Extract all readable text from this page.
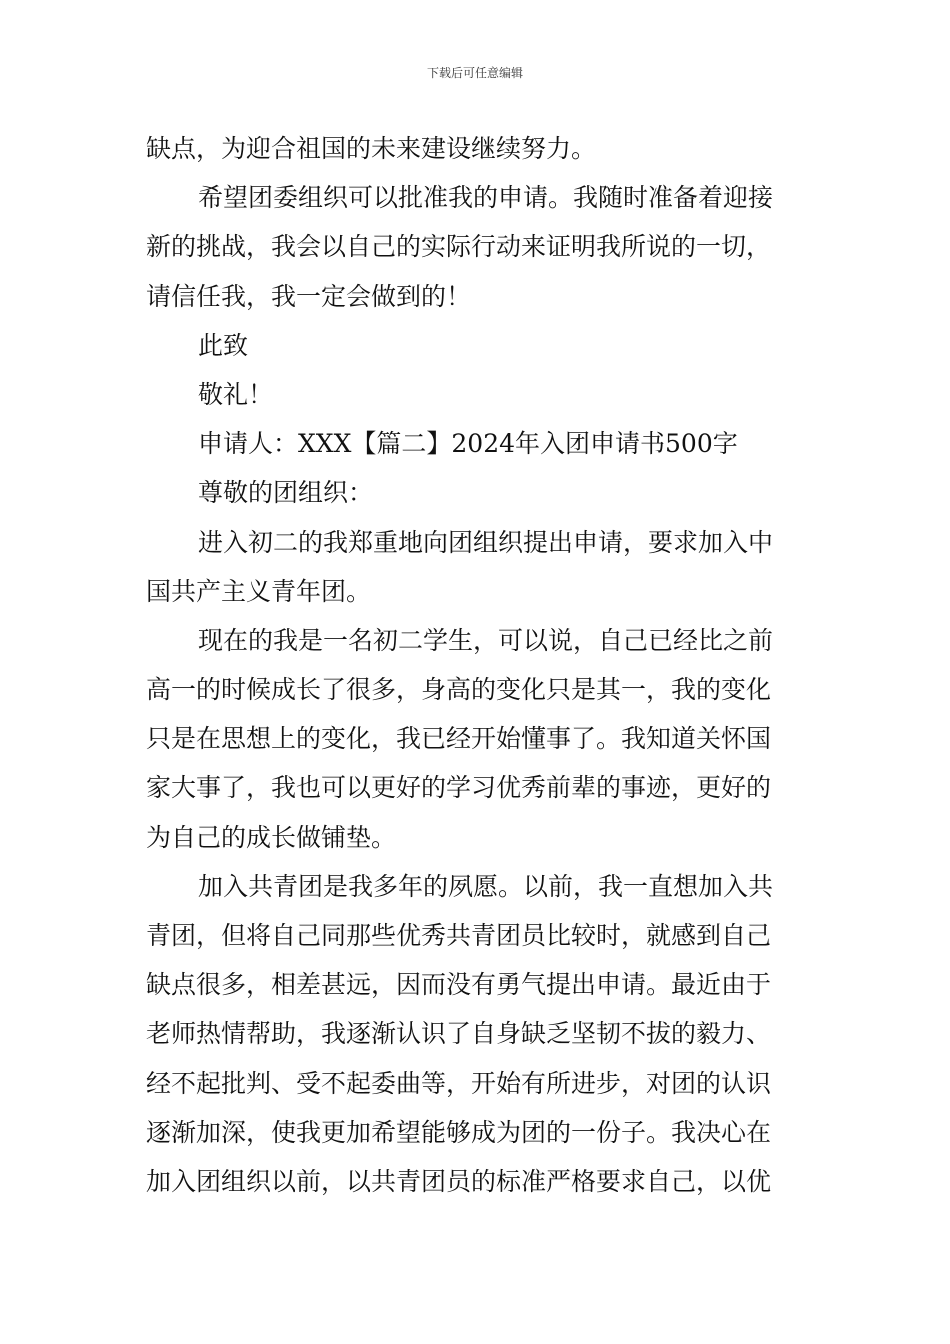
下载后可任意编辑
缺点，为迎合祖国的未来建设继续努力。
希望团委组织可以批准我的申请。我随时准备着迎接
新的挑战，我会以自己的实际行动来证明我所说的一切，
请信任我，我一定会做到的！
此致
敬礼！
申请人：XXX【篇二】2024年入团申请书500字
尊敬的团组织：
进入初二的我郑重地向团组织提出申请，要求加入中
国共产主义青年团。
现在的我是一名初二学生，可以说，自己已经比之前
高一的时候成长了很多，身高的变化只是其一，我的变化
只是在思想上的变化，我已经开始懂事了。我知道关怀国
家大事了，我也可以更好的学习优秀前辈的事迹，更好的
为自己的成长做铺垫。
加入共青团是我多年的夙愿。以前，我一直想加入共
青团，但将自己同那些优秀共青团员比较时，就感到自己
缺点很多，相差甚远，因而没有勇气提出申请。最近由于
老师热情帮助，我逐渐认识了自身缺乏坚韧不拔的毅力、
经不起批判、受不起委曲等，开始有所进步，对团的认识
逐渐加深，使我更加希望能够成为团的一份子。我决心在
加入团组织以前，以共青团员的标准严格要求自己，以优
